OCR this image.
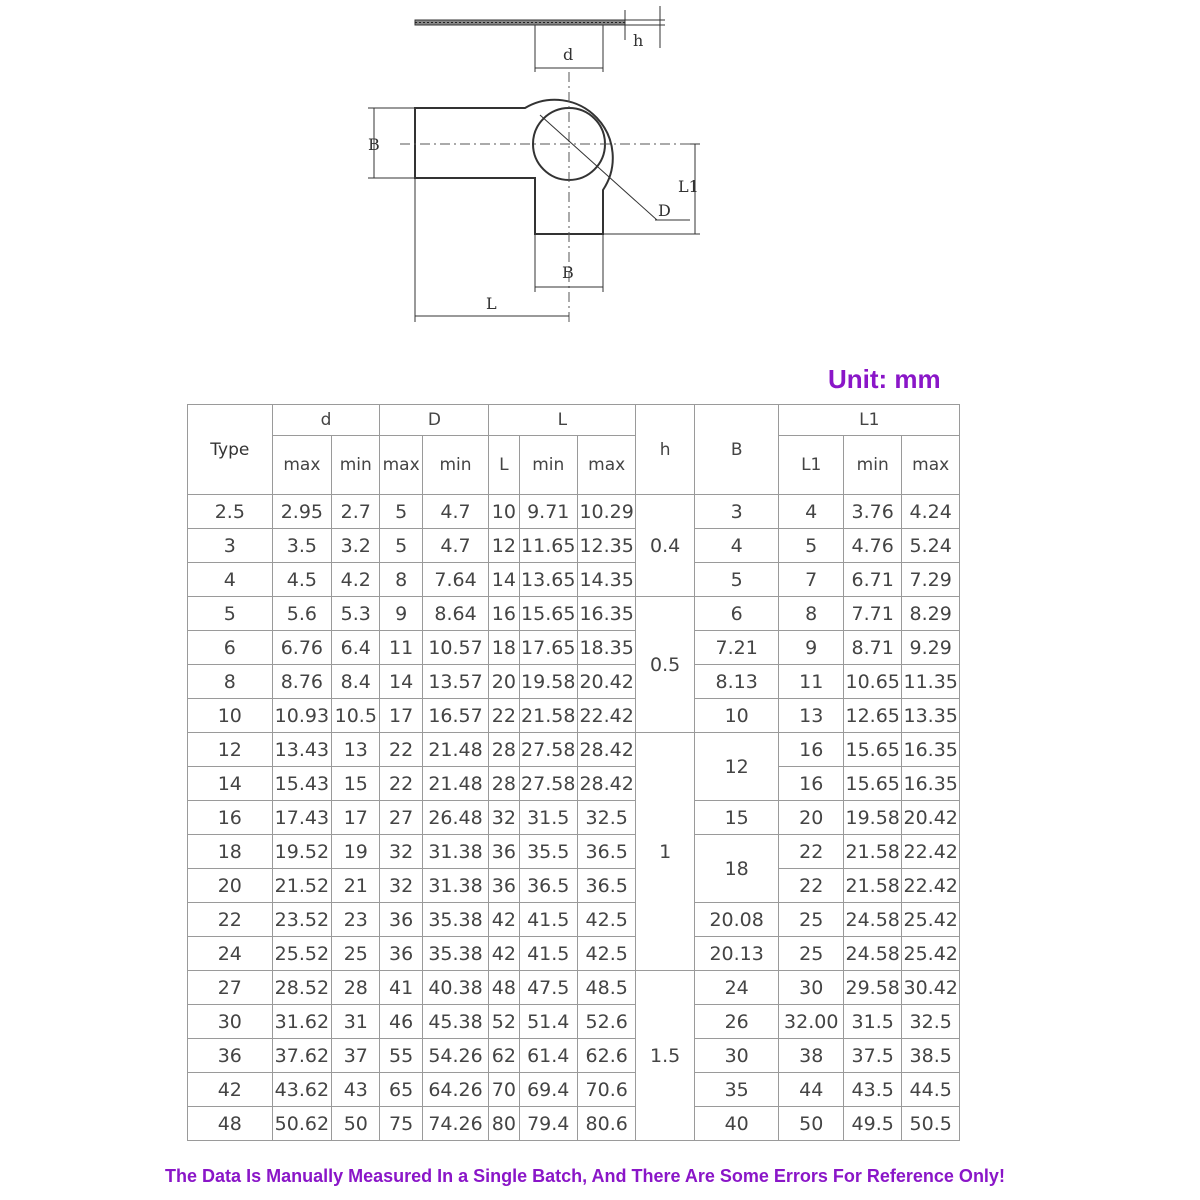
d
h
D
B
L1
B
L
Unit: mm
Type	d		D		L			h	B	L1		
	max	min	max	min	L	min	max			L1	min	max
2.5	2.95	2.7	5	4.7	10	9.71	10.29	0.4	3	4	3.76	4.24
3	3.5	3.2	5	4.7	12	11.65	12.35		4	5	4.76	5.24
4	4.5	4.2	8	7.64	14	13.65	14.35		5	7	6.71	7.29
5	5.6	5.3	9	8.64	16	15.65	16.35	0.5	6	8	7.71	8.29
6	6.76	6.4	11	10.57	18	17.65	18.35		7.21	9	8.71	9.29
8	8.76	8.4	14	13.57	20	19.58	20.42		8.13	11	10.65	11.35
10	10.93	10.5	17	16.57	22	21.58	22.42		10	13	12.65	13.35
12	13.43	13	22	21.48	28	27.58	28.42	1	12	16	15.65	16.35
14	15.43	15	22	21.48	28	27.58	28.42			16	15.65	16.35
16	17.43	17	27	26.48	32	31.5	32.5		15	20	19.58	20.42
18	19.52	19	32	31.38	36	35.5	36.5		18	22	21.58	22.42
20	21.52	21	32	31.38	36	36.5	36.5			22	21.58	22.42
22	23.52	23	36	35.38	42	41.5	42.5		20.08	25	24.58	25.42
24	25.52	25	36	35.38	42	41.5	42.5		20.13	25	24.58	25.42
27	28.52	28	41	40.38	48	47.5	48.5	1.5	24	30	29.58	30.42
30	31.62	31	46	45.38	52	51.4	52.6		26	32.00	31.5	32.5
36	37.62	37	55	54.26	62	61.4	62.6		30	38	37.5	38.5
42	43.62	43	65	64.26	70	69.4	70.6		35	44	43.5	44.5
48	50.62	50	75	74.26	80	79.4	80.6		40	50	49.5	50.5
The Data Is Manually Measured In a Single Batch, And There Are Some Errors For Reference Only!
